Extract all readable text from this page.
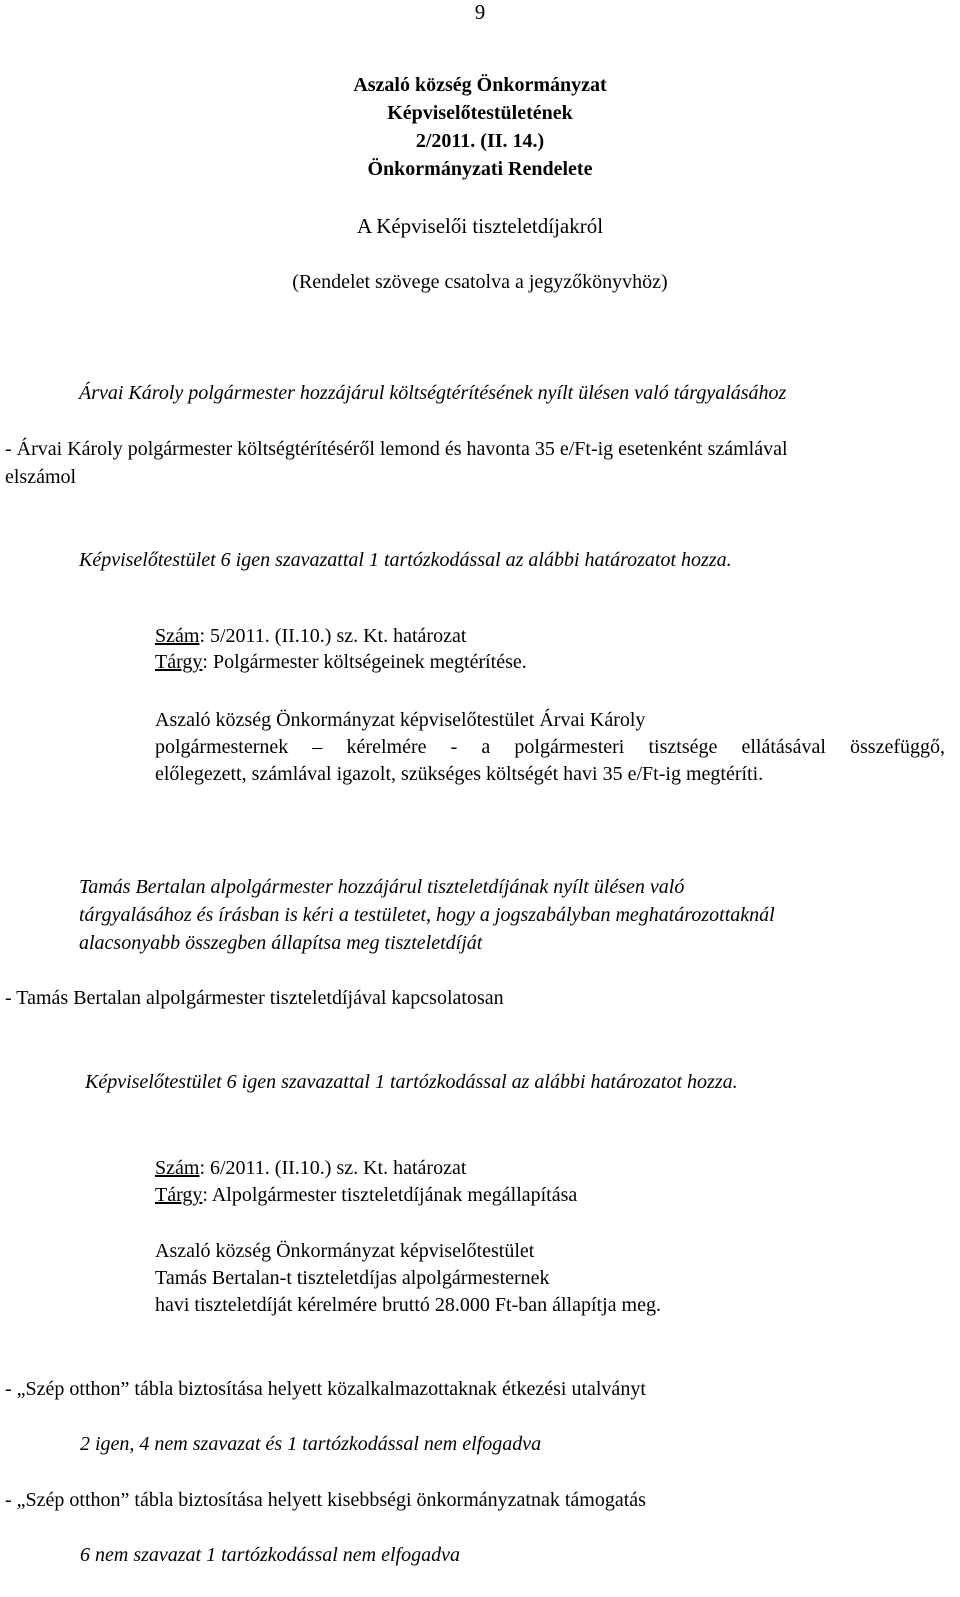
9
Aszaló község Önkormányzat
Képviselőtestületének
2/2011. (II. 14.)
Önkormányzati Rendelete
A Képviselői tiszteletdíjakról
(Rendelet szövege csatolva a jegyzőkönyvhöz)
Árvai Károly polgármester hozzájárul költségtérítésének nyílt ülésen való tárgyalásához
- Árvai Károly polgármester költségtérítéséről lemond és havonta 35 e/Ft-ig esetenként számlával
elszámol
Képviselőtestület 6 igen szavazattal 1 tartózkodással az alábbi határozatot hozza.
Szám: 5/2011. (II.10.) sz. Kt. határozat
Tárgy: Polgármester költségeinek megtérítése.
Aszaló község Önkormányzat képviselőtestület Árvai Károly
polgármesternek – kérelmére - a polgármesteri tisztsége ellátásával összefüggő,
előlegezett, számlával igazolt, szükséges költségét havi 35 e/Ft-ig megtéríti.
Tamás Bertalan alpolgármester hozzájárul tiszteletdíjának nyílt ülésen való
tárgyalásához és írásban is kéri a testületet, hogy a jogszabályban meghatározottaknál
alacsonyabb összegben állapítsa meg tiszteletdíját
- Tamás Bertalan alpolgármester tiszteletdíjával kapcsolatosan
Képviselőtestület 6 igen szavazattal 1 tartózkodással az alábbi határozatot hozza.
Szám: 6/2011. (II.10.) sz. Kt. határozat
Tárgy: Alpolgármester tiszteletdíjának megállapítása
Aszaló község Önkormányzat képviselőtestület
Tamás Bertalan-t tiszteletdíjas alpolgármesternek
havi tiszteletdíját kérelmére bruttó 28.000 Ft-ban állapítja meg.
- „Szép otthon” tábla biztosítása helyett közalkalmazottaknak étkezési utalványt
2 igen, 4 nem szavazat és 1 tartózkodással nem elfogadva
- „Szép otthon” tábla biztosítása helyett kisebbségi önkormányzatnak támogatás
6 nem szavazat 1 tartózkodással nem elfogadva
